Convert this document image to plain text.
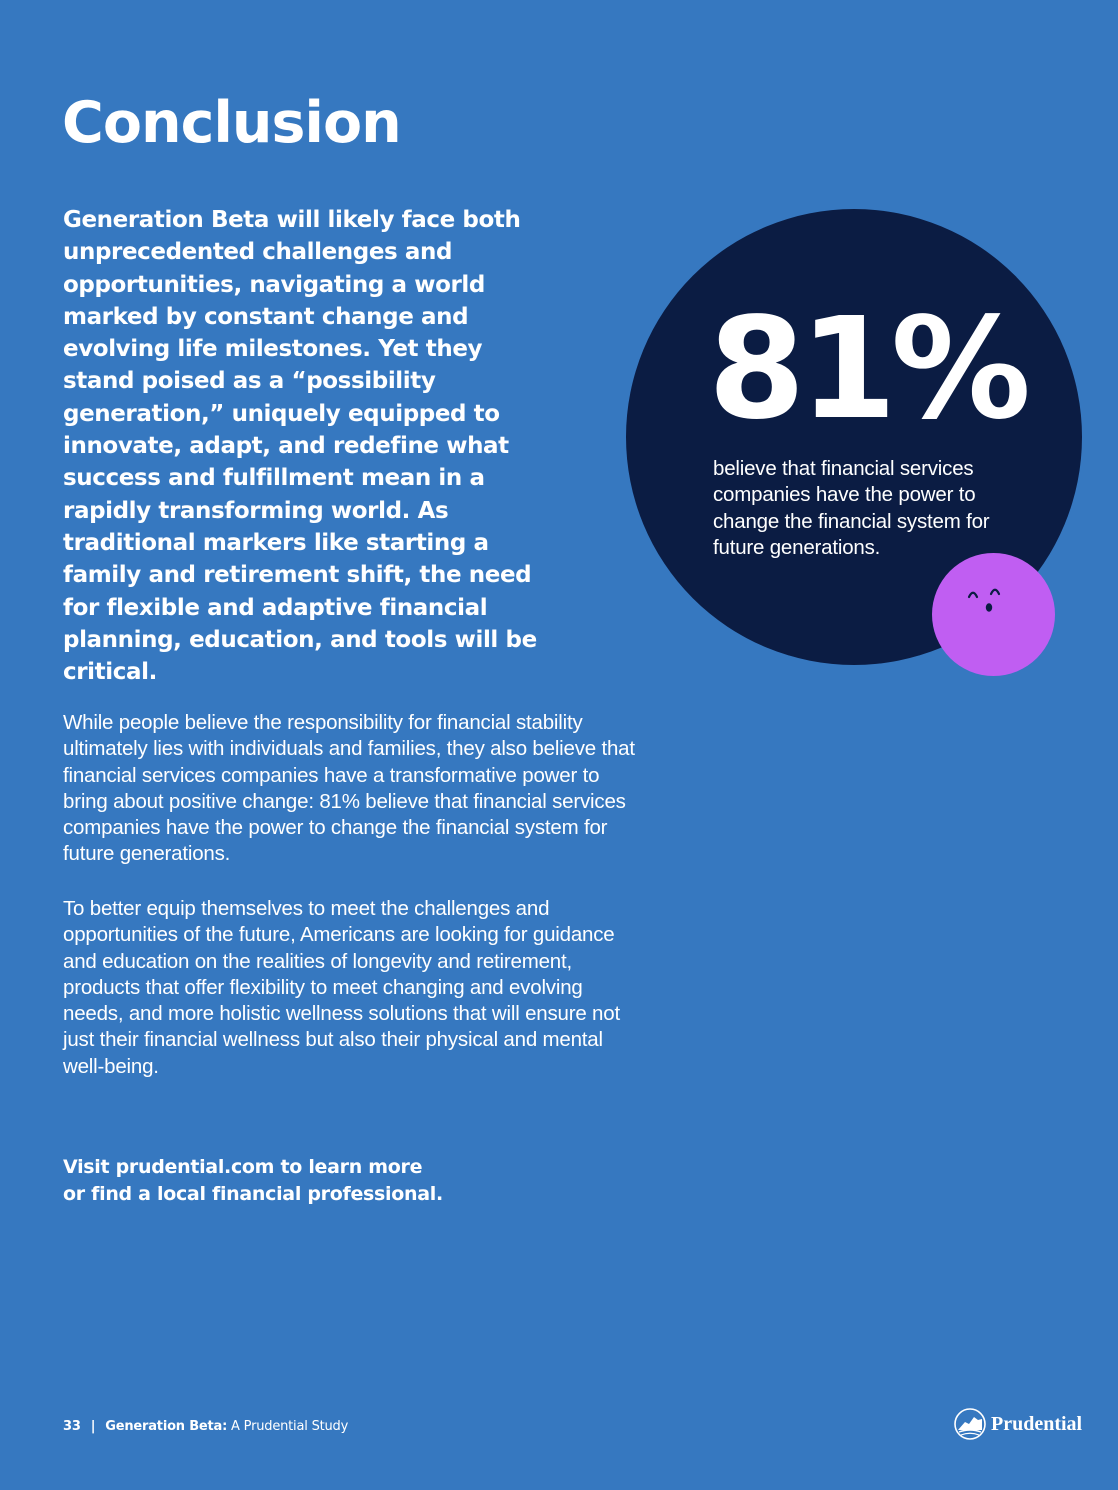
Conclusion

Generation Beta will likely face both unprecedented challenges and opportunities, navigating a world marked by constant change and evolving life milestones. Yet they stand poised as a “possibility generation,” uniquely equipped to innovate, adapt, and redefine what success and fulfillment mean in a rapidly transforming world. As traditional markers like starting a family and retirement shift, the need for flexible and adaptive financial planning, education, and tools will be critical.

While people believe the responsibility for financial stability ultimately lies with individuals and families, they also believe that financial services companies have a transformative power to bring about positive change: 81% believe that financial services companies have the power to change the financial system for future generations.

To better equip themselves to meet the challenges and opportunities of the future, Americans are looking for guidance and education on the realities of longevity and retirement, products that offer flexibility to meet changing and evolving needs, and more holistic wellness solutions that will ensure not just their financial wellness but also their physical and mental well-being.

Visit prudential.com to learn more
or find a local financial professional.

81%

believe that financial services companies have the power to change the financial system for future generations.

33 | Generation Beta: A Prudential Study	Prudential
